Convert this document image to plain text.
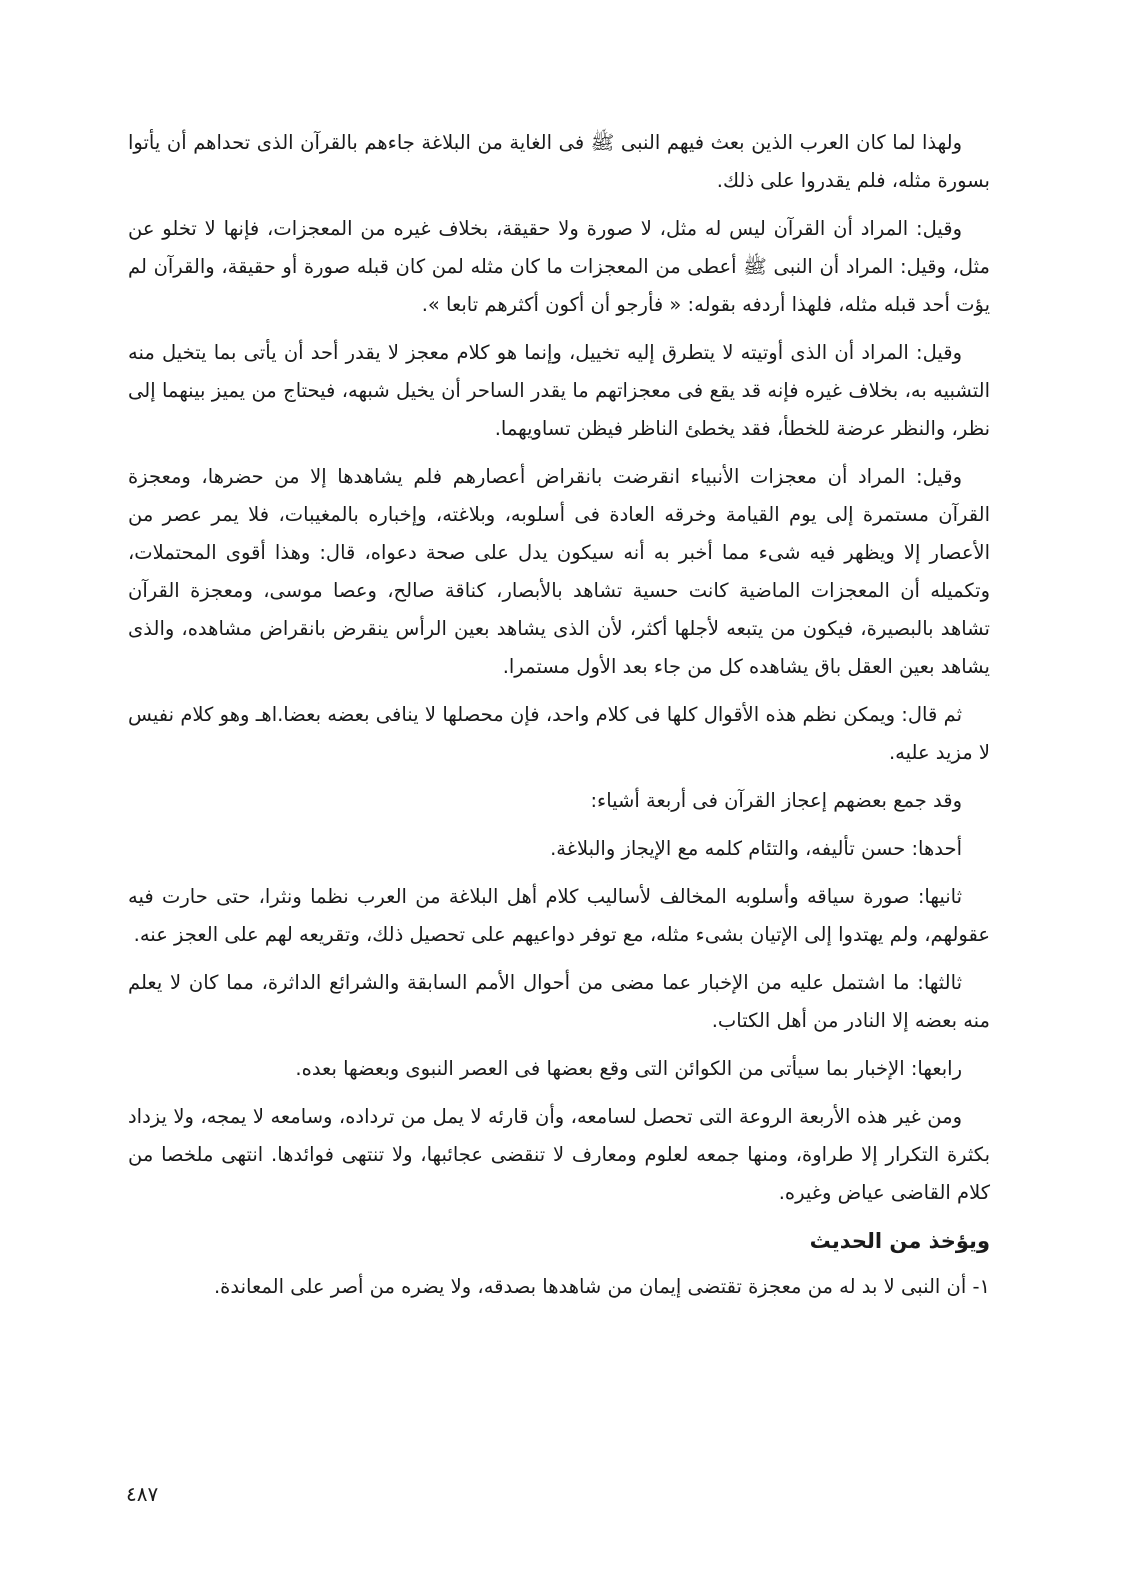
ولهذا لما كان العرب الذين بعث فيهم النبى ﷺ فى الغاية من البلاغة جاءهم بالقرآن الذى تحداهم أن يأتوا بسورة مثله، فلم يقدروا على ذلك.

وقيل: المراد أن القرآن ليس له مثل، لا صورة ولا حقيقة، بخلاف غيره من المعجزات، فإنها لا تخلو عن مثل، وقيل: المراد أن النبى ﷺ أعطى من المعجزات ما كان مثله لمن كان قبله صورة أو حقيقة، والقرآن لم يؤت أحد قبله مثله، فلهذا أردفه بقوله: « فأرجو أن أكون أكثرهم تابعا ».

وقيل: المراد أن الذى أوتيته لا يتطرق إليه تخييل، وإنما هو كلام معجز لا يقدر أحد أن يأتى بما يتخيل منه التشبيه به، بخلاف غيره فإنه قد يقع فى معجزاتهم ما يقدر الساحر أن يخيل شبهه، فيحتاج من يميز بينهما إلى نظر، والنظر عرضة للخطأ، فقد يخطئ الناظر فيظن تساويهما.

وقيل: المراد أن معجزات الأنبياء انقرضت بانقراض أعصارهم فلم يشاهدها إلا من حضرها، ومعجزة القرآن مستمرة إلى يوم القيامة وخرقه العادة فى أسلوبه، وبلاغته، وإخباره بالمغيبات، فلا يمر عصر من الأعصار إلا ويظهر فيه شىء مما أخبر به أنه سيكون يدل على صحة دعواه، قال: وهذا أقوى المحتملات، وتكميله أن المعجزات الماضية كانت حسية تشاهد بالأبصار، كناقة صالح، وعصا موسى، ومعجزة القرآن تشاهد بالبصيرة، فيكون من يتبعه لأجلها أكثر، لأن الذى يشاهد بعين الرأس ينقرض بانقراض مشاهده، والذى يشاهد بعين العقل باق يشاهده كل من جاء بعد الأول مستمرا.

ثم قال: ويمكن نظم هذه الأقوال كلها فى كلام واحد، فإن محصلها لا ينافى بعضه بعضا.اهـ وهو كلام نفيس لا مزيد عليه.

وقد جمع بعضهم إعجاز القرآن فى أربعة أشياء:

أحدها: حسن تأليفه، والتئام كلمه مع الإيجاز والبلاغة.

ثانيها: صورة سياقه وأسلوبه المخالف لأساليب كلام أهل البلاغة من العرب نظما ونثرا، حتى حارت فيه عقولهم، ولم يهتدوا إلى الإتيان بشىء مثله، مع توفر دواعيهم على تحصيل ذلك، وتقريعه لهم على العجز عنه.

ثالثها: ما اشتمل عليه من الإخبار عما مضى من أحوال الأمم السابقة والشرائع الداثرة، مما كان لا يعلم منه بعضه إلا النادر من أهل الكتاب.

رابعها: الإخبار بما سيأتى من الكوائن التى وقع بعضها فى العصر النبوى وبعضها بعده.

ومن غير هذه الأربعة الروعة التى تحصل لسامعه، وأن قارئه لا يمل من ترداده، وسامعه لا يمجه، ولا يزداد بكثرة التكرار إلا طراوة، ومنها جمعه لعلوم ومعارف لا تنقضى عجائبها، ولا تنتهى فوائدها. انتهى ملخصا من كلام القاضى عياض وغيره.

ويؤخذ من الحديث

١- أن النبى لا بد له من معجزة تقتضى إيمان من شاهدها بصدقه، ولا يضره من أصر على المعاندة.

٤٨٧
